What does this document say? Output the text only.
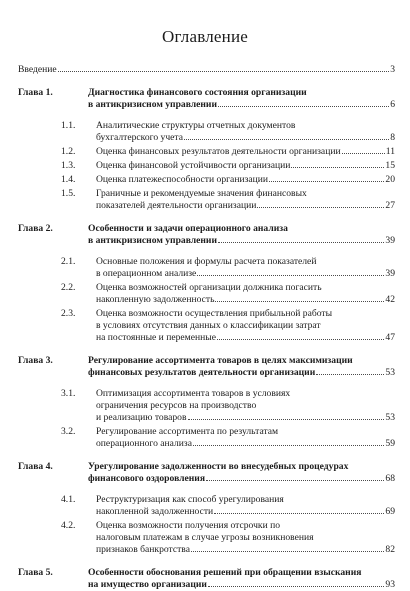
Оглавление
Введение	3
Глава 1.	Диагностика финансового состояния организации
в антикризисном управлении	6
1.1. Аналитические структуры отчетных документов
бухгалтерского учета	8
1.2. Оценка финансовых результатов деятельности организации	11
1.3. Оценка финансовой устойчивости организации	15
1.4. Оценка платежеспособности организации	20
1.5. Граничные и рекомендуемые значения финансовых
показателей деятельности организации	27
Глава 2.	Особенности и задачи операционного анализа
в антикризисном управлении	39
2.1. Основные положения и формулы расчета показателей
в операционном анализе	39
2.2. Оценка возможностей организации должника погасить
накопленную задолженность	42
2.3. Оценка возможности осуществления прибыльной работы
в условиях отсутствия данных о классификации затрат
на постоянные и переменные	47
Глава 3.	Регулирование ассортимента товаров в целях максимизации
финансовых результатов деятельности организации	53
3.1. Оптимизация ассортимента товаров в условиях
ограничения ресурсов на производство
и реализацию товаров	53
3.2. Регулирование ассортимента по результатам
операционного анализа	59
Глава 4.	Урегулирование задолженности во внесудебных процедурах
финансового оздоровления	68
4.1. Реструктуризация как способ урегулирования
накопленной задолженности	69
4.2. Оценка возможности получения отсрочки по
налоговым платежам в случае угрозы возникновения
признаков банкротства	82
Глава 5.	Особенности обоснования решений при обращении взыскания
на имущество организации	93
